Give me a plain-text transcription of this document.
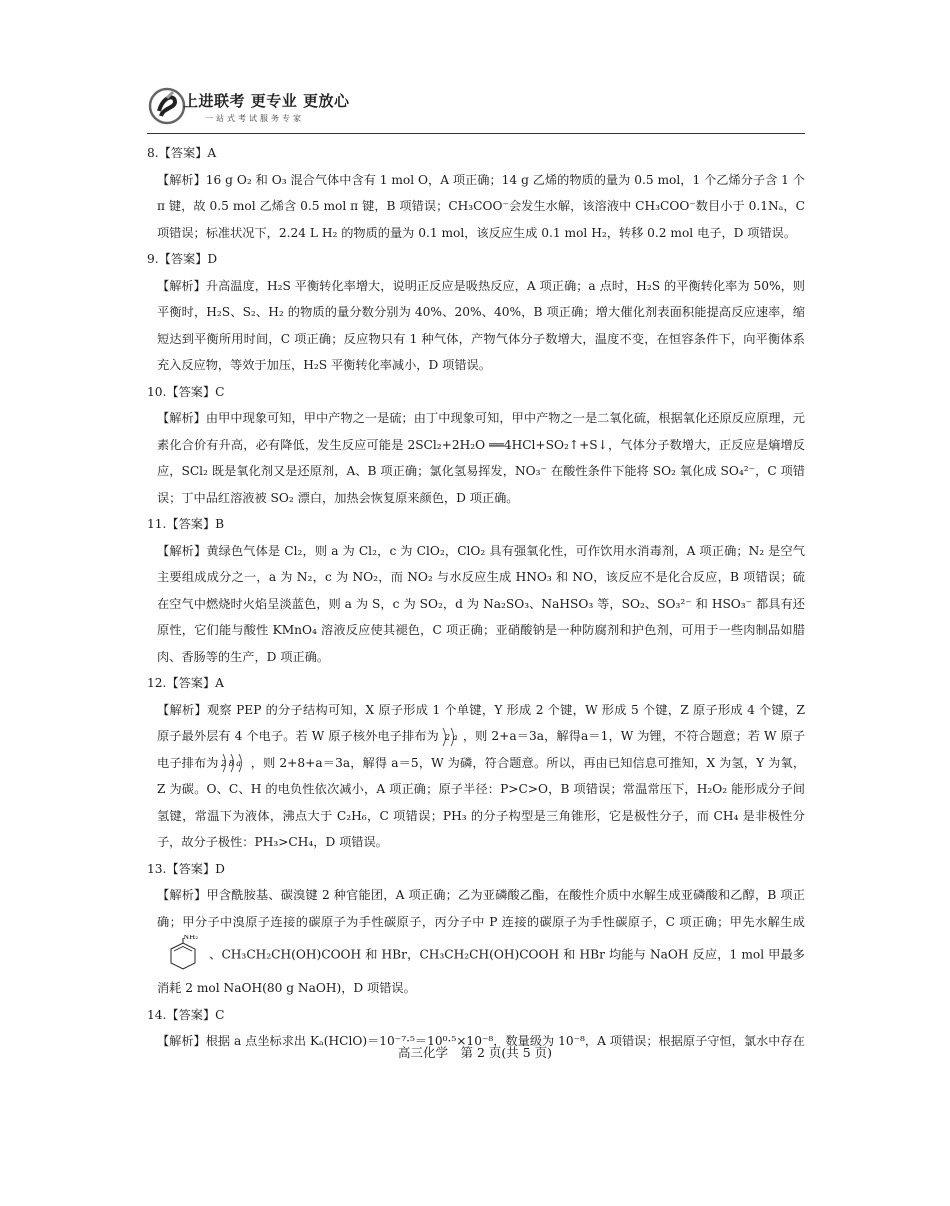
上进联考 更专业 更放心
一站式考试服务专家

8.【答案】A

【解析】16 g O₂ 和 O₃ 混合气体中含有 1 mol O，A 项正确；14 g 乙烯的物质的量为 0.5 mol，1 个乙烯分子含 1 个 π 键，故 0.5 mol 乙烯含 0.5 mol π 键，B 项错误；CH₃COO⁻会发生水解，该溶液中 CH₃COO⁻数目小于 0.1Nₐ，C 项错误；标准状况下，2.24 L H₂ 的物质的量为 0.1 mol，该反应生成 0.1 mol H₂，转移 0.2 mol 电子，D 项错误。

9.【答案】D

【解析】升高温度，H₂S 平衡转化率增大，说明正反应是吸热反应，A 项正确；a 点时，H₂S 的平衡转化率为 50%，则平衡时，H₂S、S₂、H₂ 的物质的量分数分别为 40%、20%、40%，B 项正确；增大催化剂表面积能提高反应速率，缩短达到平衡所用时间，C 项正确；反应物只有 1 种气体，产物气体分子数增大，温度不变，在恒容条件下，向平衡体系充入反应物，等效于加压，H₂S 平衡转化率减小，D 项错误。

10.【答案】C

【解析】由甲中现象可知，甲中产物之一是硫；由丁中现象可知，甲中产物之一是二氧化硫，根据氧化还原反应原理，元素化合价有升高，必有降低，发生反应可能是 2SCl₂+2H₂O ══4HCl+SO₂↑+S↓，气体分子数增大，正反应是熵增反应，SCl₂ 既是氧化剂又是还原剂，A、B 项正确；氯化氢易挥发，NO₃⁻ 在酸性条件下能将 SO₂ 氧化成 SO₄²⁻，C 项错误；丁中品红溶液被 SO₂ 漂白，加热会恢复原来颜色，D 项正确。

11.【答案】B

【解析】黄绿色气体是 Cl₂，则 a 为 Cl₂，c 为 ClO₂，ClO₂ 具有强氧化性，可作饮用水消毒剂，A 项正确；N₂ 是空气主要组成成分之一，a 为 N₂，c 为 NO₂，而 NO₂ 与水反应生成 HNO₃ 和 NO，该反应不是化合反应，B 项错误；硫在空气中燃烧时火焰呈淡蓝色，则 a 为 S，c 为 SO₂，d 为 Na₂SO₃、NaHSO₃ 等，SO₂、SO₃²⁻ 和 HSO₃⁻ 都具有还原性，它们能与酸性 KMnO₄ 溶液反应使其褪色，C 项正确；亚硝酸钠是一种防腐剂和护色剂，可用于一些肉制品如腊肉、香肠等的生产，D 项正确。

12.【答案】A

【解析】观察 PEP 的分子结构可知，X 原子形成 1 个单键，Y 形成 2 个键，W 形成 5 个键，Z 原子形成 4 个键，Z 原子最外层有 4 个电子。若 W 原子核外电子排布为 2 a ，则 2+a＝3a，解得a＝1，W 为锂，不符合题意；若 W 原子电子排布为 2 8 a ，则 2+8+a＝3a，解得 a＝5，W 为磷，符合题意。所以，再由已知信息可推知，X 为氢，Y 为氧，Z 为碳。O、C、H 的电负性依次减小，A 项正确；原子半径：P>C>O，B 项错误；常温常压下，H₂O₂ 能形成分子间氢键，常温下为液体，沸点大于 C₂H₆，C 项错误；PH₃ 的分子构型是三角锥形，它是极性分子，而 CH₄ 是非极性分子，故分子极性：PH₃>CH₄，D 项错误。

13.【答案】D

【解析】甲含酰胺基、碳溴键 2 种官能团，A 项正确；乙为亚磷酸乙酯，在酸性介质中水解生成亚磷酸和乙醇，B 项正确；甲分子中溴原子连接的碳原子为手性碳原子，丙分子中 P 连接的碳原子为手性碳原子，C 项正确；甲先水解生成
NH₂
、CH₃CH₂CH(OH)COOH 和 HBr，CH₃CH₂CH(OH)COOH 和 HBr 均能与 NaOH 反应，1 mol 甲最多消耗 2 mol NaOH(80 g NaOH)，D 项错误。

14.【答案】C

【解析】根据 a 点坐标求出 Kₐ(HClO)＝10⁻⁷·⁵＝10⁰·⁵×10⁻⁸，数量级为 10⁻⁸，A 项错误；根据原子守恒，氯水中存在

高三化学　第 2 页(共 5 页)
